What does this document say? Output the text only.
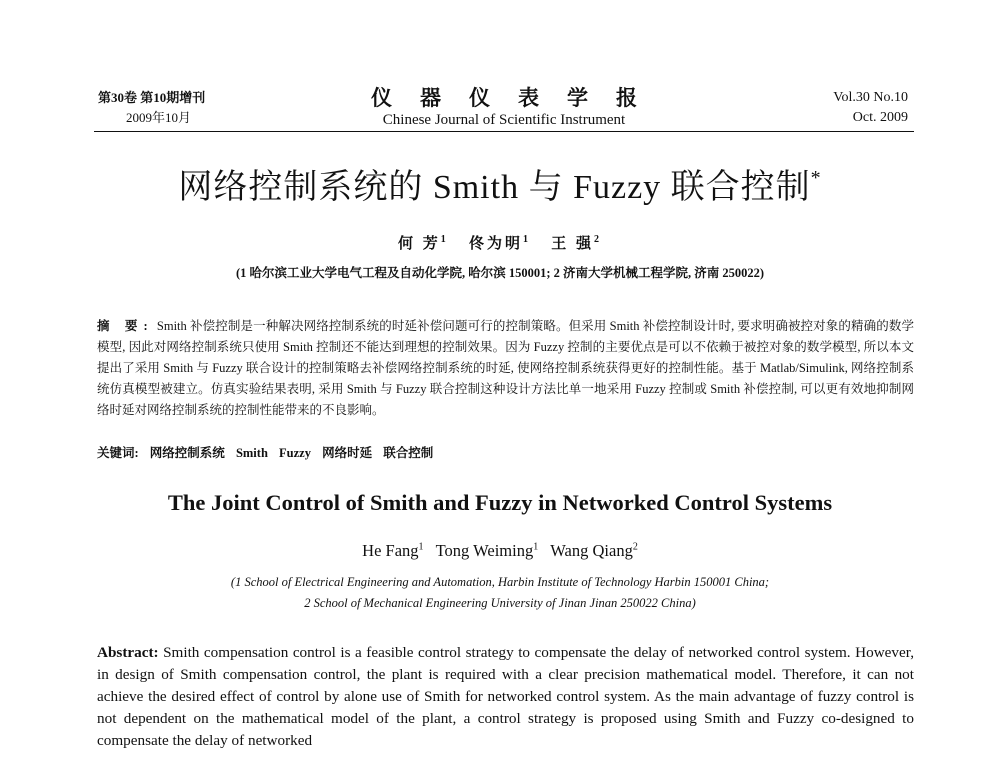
第30卷 第10期增刊
2009年10月
仪器仪表学报
Chinese Journal of Scientific Instrument
Vol.30 No.10
Oct. 2009
网络控制系统的 Smith 与 Fuzzy 联合控制*
何 芳$^1$ 佟为明$^1$ 王 强$^2$
(1 哈尔滨工业大学电气工程及自动化学院, 哈尔滨 150001; 2 济南大学机械工程学院, 济南 250022)
摘 要: Smith 补偿控制是一种解决网络控制系统的时延补偿问题可行的控制策略。但采用 Smith 补偿控制设计时, 要求明确被控对象的精确的数学模型, 因此对网络控制系统只使用 Smith 控制还不能达到理想的控制效果。因为 Fuzzy 控制的主要优点是可以不依赖于被控对象的数学模型, 所以本文提出了采用 Smith 与 Fuzzy 联合设计的控制策略去补偿网络控制系统的时延, 使网络控制系统获得更好的控制性能。基于 Matlab/Simulink, 网络控制系统仿真模型被建立。仿真实验结果表明, 采用 Smith 与 Fuzzy 联合控制这种设计方法比单一地采用 Fuzzy 控制或 Smith 补偿控制, 可以更有效地抑制网络时延对网络控制系统的控制性能带来的不良影响。
关键词: 网络控制系统 Smith Fuzzy 网络时延 联合控制
The Joint Control of Smith and Fuzzy in Networked Control Systems
He Fang$^1$ Tong Weiming$^1$ Wang Qiang$^2$
(1 School of Electrical Engineering and Automation, Harbin Institute of Technology Harbin 150001 China;
2 School of Mechanical Engineering University of Jinan Jinan 250022 China)
Abstract: Smith compensation control is a feasible control strategy to compensate the delay of networked control system. However, in design of Smith compensation control, the plant is required with a clear precision mathematical model. Therefore, it can not achieve the desired effect of control by alone use of Smith for networked control system. As the main advantage of fuzzy control is not dependent on the mathematical model of the plant, a control strategy is proposed using Smith and Fuzzy co-designed to compensate the delay of networked
